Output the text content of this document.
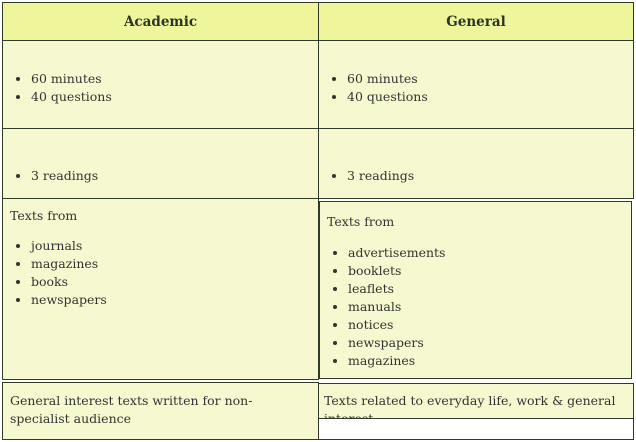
Academic	General
• 60 minutes
• 40 questions
• 60 minutes
• 40 questions
• 3 readings
•	3 readings
Texts from
• journals
• magazines
• books
• newspapers
Texts from
• advertisements
• booklets
• leaflets
• manuals
• notices
• newspapers
• magazines
General interest texts written for non-specialist audience
Texts related to everyday life, work & general
